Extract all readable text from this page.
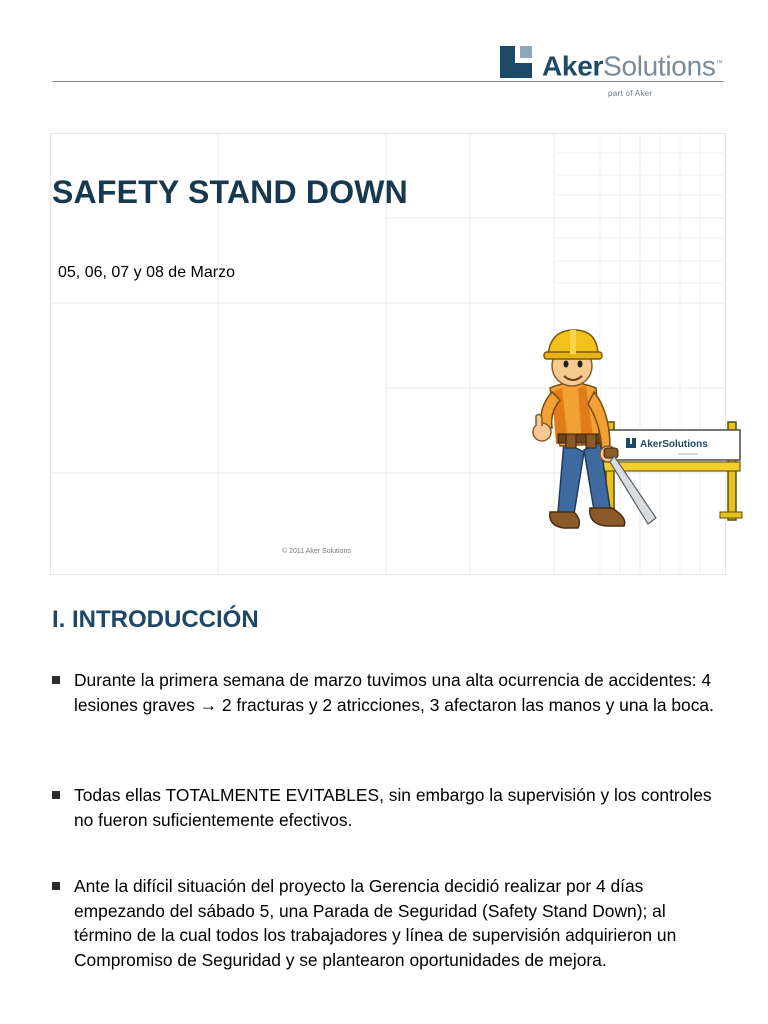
AkerSolutions™
part of Aker
SAFETY STAND DOWN
05, 06, 07 y 08 de Marzo
© 2011 Aker Solutions
AkerSolutions
I. INTRODUCCIÓN
Durante la primera semana de marzo tuvimos una alta ocurrencia de accidentes: 4 lesiones graves → 2 fracturas y 2 atricciones, 3 afectaron las manos y una la boca.
Todas ellas TOTALMENTE EVITABLES, sin embargo la supervisión y los controles no fueron suficientemente efectivos.
Ante la difícil situación del proyecto la Gerencia decidió realizar por 4 días empezando del sábado 5, una Parada de Seguridad (Safety Stand Down); al término de la cual todos los trabajadores y línea de supervisión adquirieron un Compromiso de Seguridad y se plantearon oportunidades de mejora.
